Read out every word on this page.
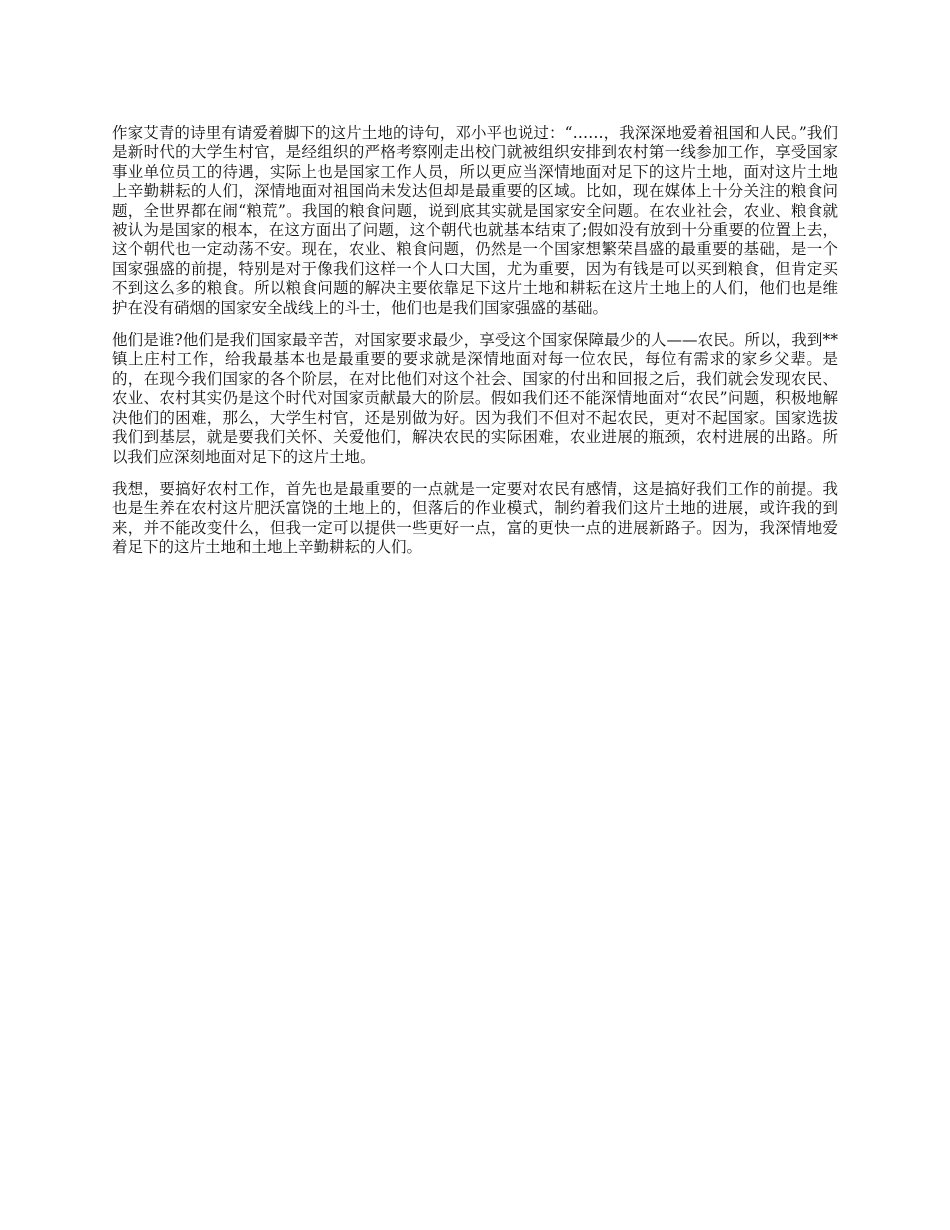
作家艾青的诗里有请爱着脚下的这片土地的诗句，邓小平也说过：“……，我深深地爱着祖国和人民。”我们是新时代的大学生村官，是经组织的严格考察刚走出校门就被组织安排到农村第一线参加工作，享受国家事业单位员工的待遇，实际上也是国家工作人员，所以更应当深情地面对足下的这片土地，面对这片土地上辛勤耕耘的人们，深情地面对祖国尚未发达但却是最重要的区域。比如，现在媒体上十分关注的粮食问题，全世界都在闹“粮荒”。我国的粮食问题，说到底其实就是国家安全问题。在农业社会，农业、粮食就被认为是国家的根本，在这方面出了问题，这个朝代也就基本结束了;假如没有放到十分重要的位置上去，这个朝代也一定动荡不安。现在，农业、粮食问题，仍然是一个国家想繁荣昌盛的最重要的基础，是一个国家强盛的前提，特别是对于像我们这样一个人口大国，尤为重要，因为有钱是可以买到粮食，但肯定买不到这么多的粮食。所以粮食问题的解决主要依靠足下这片土地和耕耘在这片土地上的人们，他们也是维护在没有硝烟的国家安全战线上的斗士，他们也是我们国家强盛的基础。

他们是谁?他们是我们国家最辛苦，对国家要求最少，享受这个国家保障最少的人——农民。所以，我到**镇上庄村工作，给我最基本也是最重要的要求就是深情地面对每一位农民，每位有需求的家乡父辈。是的，在现今我们国家的各个阶层，在对比他们对这个社会、国家的付出和回报之后，我们就会发现农民、农业、农村其实仍是这个时代对国家贡献最大的阶层。假如我们还不能深情地面对“农民”问题，积极地解决他们的困难，那么，大学生村官，还是别做为好。因为我们不但对不起农民，更对不起国家。国家选拔我们到基层，就是要我们关怀、关爱他们，解决农民的实际困难，农业进展的瓶颈，农村进展的出路。所以我们应深刻地面对足下的这片土地。

我想，要搞好农村工作，首先也是最重要的一点就是一定要对农民有感情，这是搞好我们工作的前提。我也是生养在农村这片肥沃富饶的土地上的，但落后的作业模式，制约着我们这片土地的进展，或许我的到来，并不能改变什么，但我一定可以提供一些更好一点，富的更快一点的进展新路子。因为，我深情地爱着足下的这片土地和土地上辛勤耕耘的人们。
